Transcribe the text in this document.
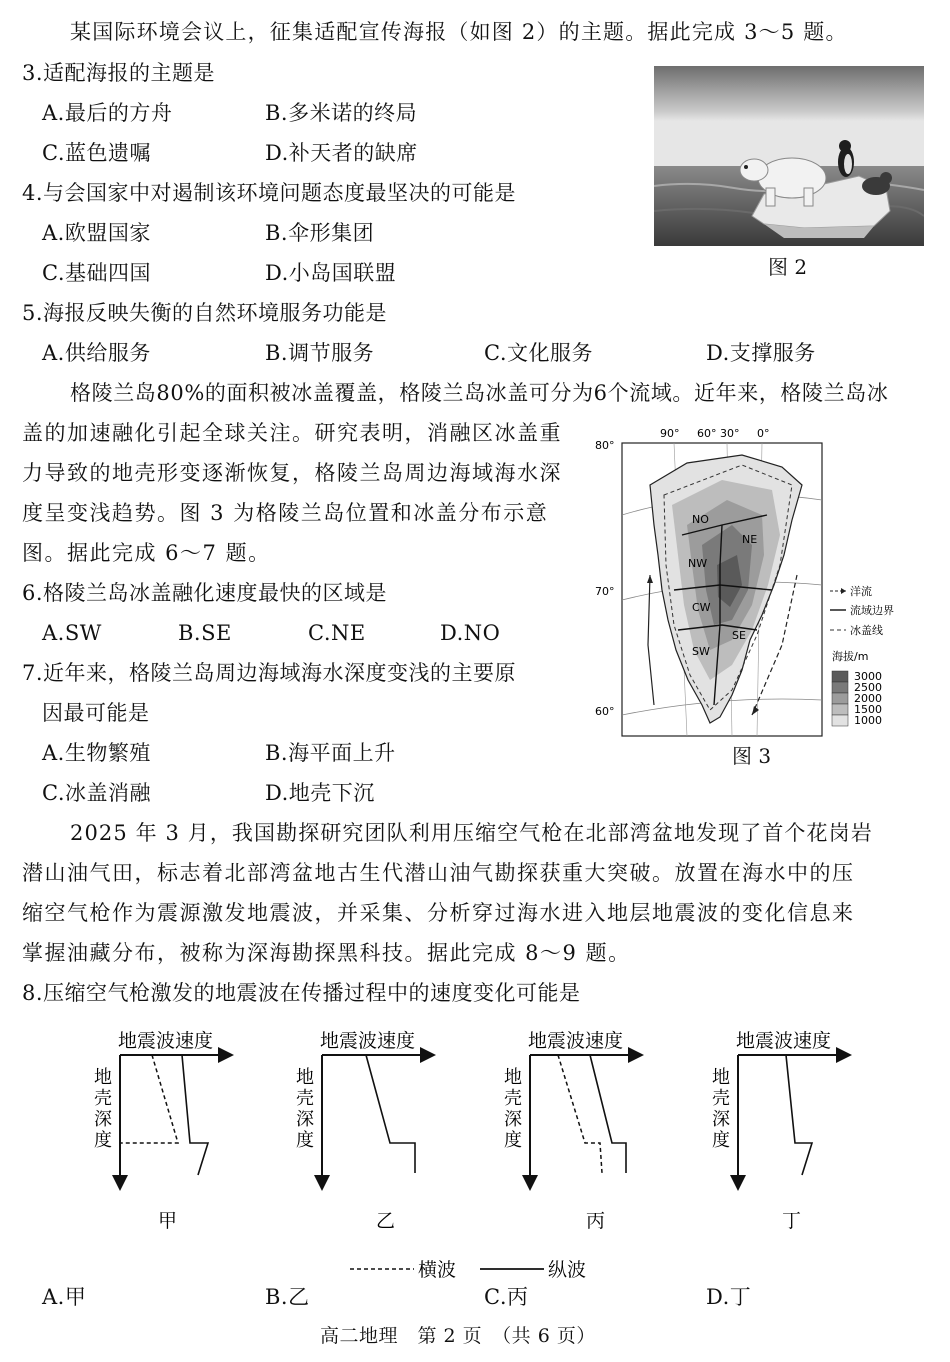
某国际环境会议上，征集适配宣传海报（如图 2）的主题。据此完成 3～5 题。
3.适配海报的主题是
A.最后的方舟	B.多米诺的终局
C.蓝色遗嘱	D.补天者的缺席
4.与会国家中对遏制该环境问题态度最坚决的可能是
A.欧盟国家	B.伞形集团
C.基础四国	D.小岛国联盟
5.海报反映失衡的自然环境服务功能是
A.供给服务	B.调节服务	C.文化服务	D.支撑服务
图 2
格陵兰岛80%的面积被冰盖覆盖，格陵兰岛冰盖可分为6个流域。近年来，格陵兰岛冰
盖的加速融化引起全球关注。研究表明，消融区冰盖重
力导致的地壳形变逐渐恢复，格陵兰岛周边海域海水深
度呈变浅趋势。图 3 为格陵兰岛位置和冰盖分布示意
图。据此完成 6～7 题。
6.格陵兰岛冰盖融化速度最快的区域是
A.SW	B.SE	C.NE	D.NO
7.近年来，格陵兰岛周边海域海水深度变浅的主要原
因最可能是
A.生物繁殖	B.海平面上升
C.冰盖消融	D.地壳下沉
NO
NE
NW
CW
SE
SW
90° 60° 30° 0°
80°
70°
60°
洋流
流域边界
冰盖线
海拔/m
3000
2500
2000
1500
1000
图 3
2025 年 3 月，我国勘探研究团队利用压缩空气枪在北部湾盆地发现了首个花岗岩
潜山油气田，标志着北部湾盆地古生代潜山油气勘探获重大突破。放置在海水中的压
缩空气枪作为震源激发地震波，并采集、分析穿过海水进入地层地震波的变化信息来
掌握油藏分布，被称为深海勘探黑科技。据此完成 8～9 题。
8.压缩空气枪激发的地震波在传播过程中的速度变化可能是
地震波速度
地
壳
深
度
甲
地震波速度
地
壳
深
度
乙
地震波速度
地
壳
深
度
丙
地震波速度
地
壳
深
度
丁
横波	纵波
A.甲	B.乙	C.丙	D.丁
高二地理　第 2 页　（共 6 页）
